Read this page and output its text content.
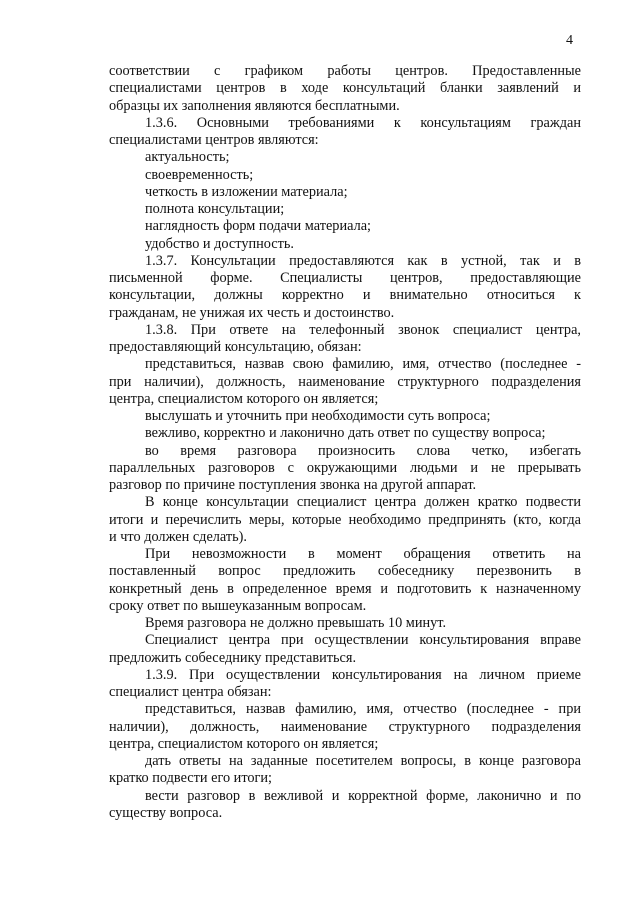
4

соответствии с графиком работы центров. Предоставленные

специалистами центров в ходе консультаций бланки заявлений и

образцы их заполнения являются бесплатными.

1.3.6. Основными требованиями к консультациям граждан

специалистами центров являются:

актуальность;

своевременность;

четкость в изложении материала;

полнота консультации;

наглядность форм подачи материала;

удобство и доступность.

1.3.7. Консультации предоставляются как в устной, так и в

письменной форме. Специалисты центров, предоставляющие

консультации, должны корректно и внимательно относиться к

гражданам, не унижая их честь и достоинство.

1.3.8. При ответе на телефонный звонок специалист центра,

предоставляющий консультацию, обязан:

представиться, назвав свою фамилию, имя, отчество (последнее -

при наличии), должность, наименование структурного подразделения

центра, специалистом которого он является;

выслушать и уточнить при необходимости суть вопроса;

вежливо, корректно и лаконично дать ответ по существу вопроса;

во время разговора произносить слова четко, избегать

параллельных разговоров с окружающими людьми и не прерывать

разговор по причине поступления звонка на другой аппарат.

В конце консультации специалист центра должен кратко подвести

итоги и перечислить меры, которые необходимо предпринять (кто, когда

и что должен сделать).

При невозможности в момент обращения ответить на

поставленный вопрос предложить собеседнику перезвонить в

конкретный день в определенное время и подготовить к назначенному

сроку ответ по вышеуказанным вопросам.

Время разговора не должно превышать 10 минут.

Специалист центра при осуществлении консультирования вправе

предложить собеседнику представиться.

1.3.9. При осуществлении консультирования на личном приеме

специалист центра обязан:

представиться, назвав фамилию, имя, отчество (последнее - при

наличии), должность, наименование структурного подразделения

центра, специалистом которого он является;

дать ответы на заданные посетителем вопросы, в конце разговора

кратко подвести его итоги;

вести разговор в вежливой и корректной форме, лаконично и по

существу вопроса.
